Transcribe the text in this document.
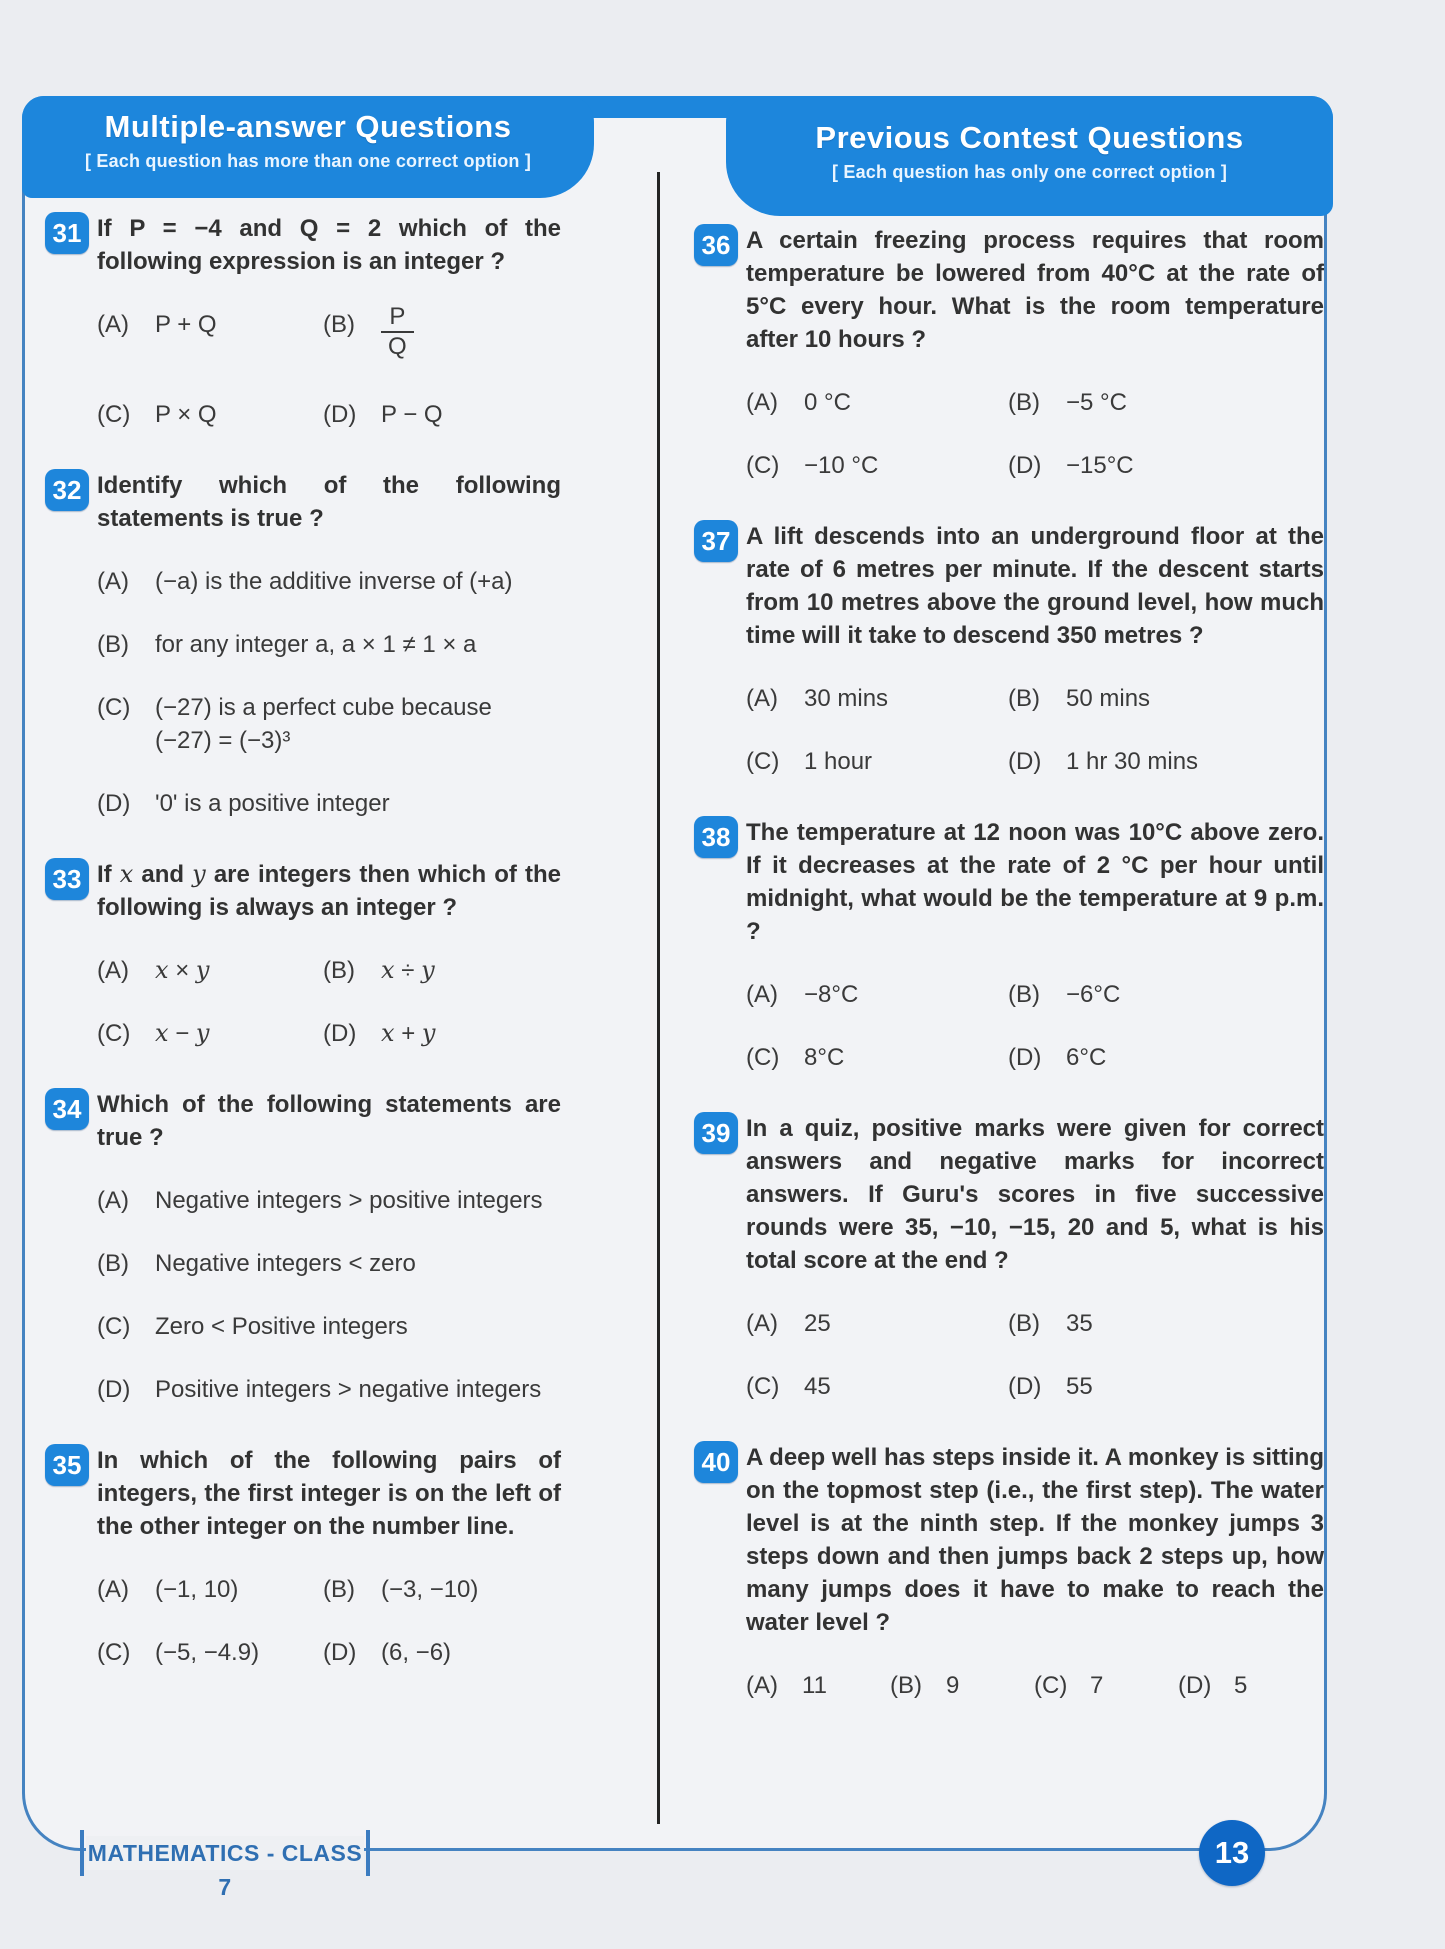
Multiple-answer Questions
[ Each question has more than one correct option ]
Previous Contest Questions
[ Each question has only one correct option ]
31 If P = −4 and Q = 2 which of the following expression is an integer ?
(A)	P + Q	(B)	$\frac{P}{Q}$
(C)	P × Q	(D)	P − Q
32 Identify which of the following statements is true ?
(A)	(−a) is the additive inverse of (+a)
(B)	for any integer a, a × 1 ≠ 1 × a
(C)	(−27) is a perfect cube because
(−27) = (−3)³
(D)	'0' is a positive integer
33 If x and y are integers then which of the following is always an integer ?
(A)	x × y	(B)	x ÷ y
(C)	x − y	(D)	x + y
34 Which of the following statements are true ?
(A)	Negative integers > positive integers
(B)	Negative integers < zero
(C)	Zero < Positive integers
(D)	Positive integers > negative integers
35 In which of the following pairs of integers, the first integer is on the left of the other integer on the number line.
(A)	(−1, 10)	(B)	(−3, −10)
(C)	(−5, −4.9)	(D)	(6, −6)
36 A certain freezing process requires that room temperature be lowered from 40°C at the rate of 5°C every hour. What is the room temperature after 10 hours ?
(A)	0 °C	(B)	−5 °C
(C)	−10 °C	(D)	−15°C
37 A lift descends into an underground floor at the rate of 6 metres per minute. If the descent starts from 10 metres above the ground level, how much time will it take to descend 350 metres ?
(A)	30 mins	(B)	50 mins
(C)	1 hour	(D)	1 hr 30 mins
38 The temperature at 12 noon was 10°C above zero. If it decreases at the rate of 2 °C per hour until midnight, what would be the temperature at 9 p.m. ?
(A)	−8°C	(B)	−6°C
(C)	8°C	(D)	6°C
39 In a quiz, positive marks were given for correct answers and negative marks for incorrect answers. If Guru's scores in five successive rounds were 35, −10, −15, 20 and 5, what is his total score at the end ?
(A)	25	(B)	35
(C)	45	(D)	55
40 A deep well has steps inside it. A monkey is sitting on the topmost step (i.e., the first step). The water level is at the ninth step. If the monkey jumps 3 steps down and then jumps back 2 steps up, how many jumps does it have to make to reach the water level ?
(A)	11	(B)	9	(C) 7	(D) 5
MATHEMATICS - CLASS 7
13
